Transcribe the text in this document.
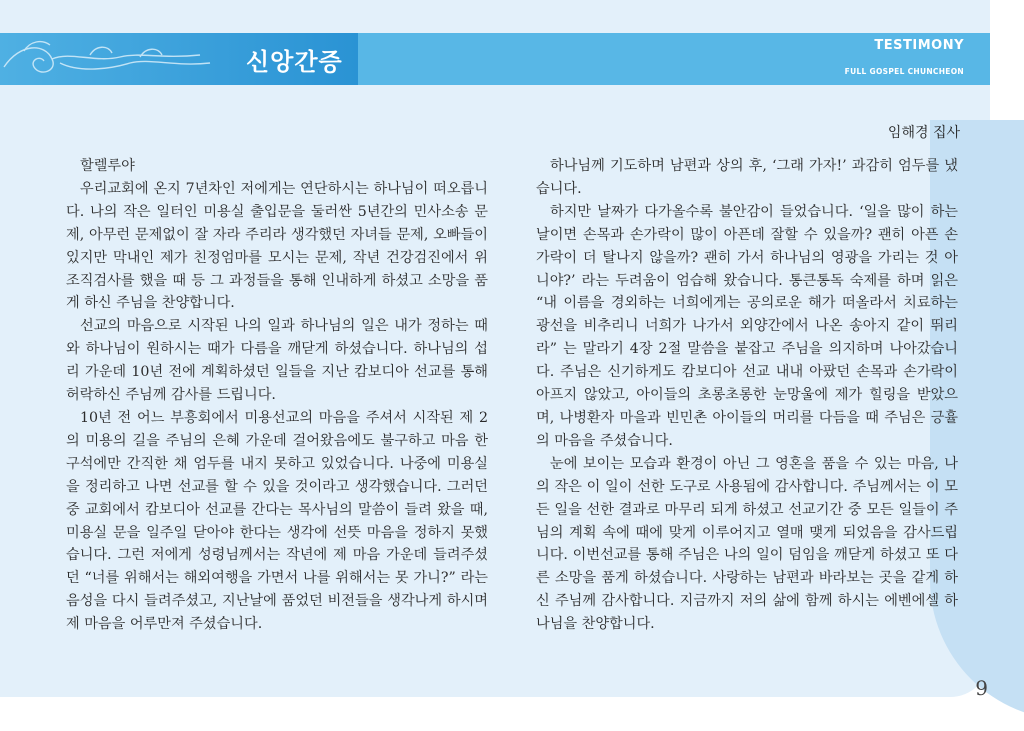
신앙간증
TESTIMONY
FULL GOSPEL CHUNCHEON
임해경 집사

할렐루야

우리교회에 온지 7년차인 저에게는 연단하시는 하나님이 떠오릅니다. 나의 작은 일터인 미용실 출입문을 둘러싼 5년간의 민사소송 문제, 아무런 문제없이 잘 자라 주리라 생각했던 자녀들 문제, 오빠들이 있지만 막내인 제가 친정엄마를 모시는 문제, 작년 건강검진에서 위 조직검사를 했을 때 등 그 과정들을 통해 인내하게 하셨고 소망을 품게 하신 주님을 찬양합니다.

선교의 마음으로 시작된 나의 일과 하나님의 일은 내가 정하는 때와 하나님이 원하시는 때가 다름을 깨닫게 하셨습니다. 하나님의 섭리 가운데 10년 전에 계획하셨던 일들을 지난 캄보디아 선교를 통해 허락하신 주님께 감사를 드립니다.

10년 전 어느 부흥회에서 미용선교의 마음을 주셔서 시작된 제 2의 미용의 길을 주님의 은혜 가운데 걸어왔음에도 불구하고 마음 한 구석에만 간직한 채 엄두를 내지 못하고 있었습니다. 나중에 미용실을 정리하고 나면 선교를 할 수 있을 것이라고 생각했습니다. 그러던 중 교회에서 캄보디아 선교를 간다는 목사님의 말씀이 들려 왔을 때, 미용실 문을 일주일 닫아야 한다는 생각에 선뜻 마음을 정하지 못했습니다. 그런 저에게 성령님께서는 작년에 제 마음 가운데 들려주셨던 “너를 위해서는 해외여행을 가면서 나를 위해서는 못 가니?” 라는 음성을 다시 들려주셨고, 지난날에 품었던 비전들을 생각나게 하시며 제 마음을 어루만져 주셨습니다.

하나님께 기도하며 남편과 상의 후, ‘그래 가자!’ 과감히 엄두를 냈습니다.

하지만 날짜가 다가올수록 불안감이 들었습니다. ‘일을 많이 하는 날이면 손목과 손가락이 많이 아픈데 잘할 수 있을까? 괜히 아픈 손가락이 더 탈나지 않을까? 괜히 가서 하나님의 영광을 가리는 것 아니야?’ 라는 두려움이 엄습해 왔습니다. 통큰통독 숙제를 하며 읽은 “내 이름을 경외하는 너희에게는 공의로운 해가 떠올라서 치료하는 광선을 비추리니 너희가 나가서 외양간에서 나온 송아지 같이 뛰리라” 는 말라기 4장 2절 말씀을 붙잡고 주님을 의지하며 나아갔습니다. 주님은 신기하게도 캄보디아 선교 내내 아팠던 손목과 손가락이 아프지 않았고, 아이들의 초롱초롱한 눈망울에 제가 힐링을 받았으며, 나병환자 마을과 빈민촌 아이들의 머리를 다듬을 때 주님은 긍휼의 마음을 주셨습니다.

눈에 보이는 모습과 환경이 아닌 그 영혼을 품을 수 있는 마음, 나의 작은 이 일이 선한 도구로 사용됨에 감사합니다. 주님께서는 이 모든 일을 선한 결과로 마무리 되게 하셨고 선교기간 중 모든 일들이 주님의 계획 속에 때에 맞게 이루어지고 열매 맺게 되었음을 감사드립니다. 이번선교를 통해 주님은 나의 일이 덤임을 깨닫게 하셨고 또 다른 소망을 품게 하셨습니다. 사랑하는 남편과 바라보는 곳을 같게 하신 주님께 감사합니다. 지금까지 저의 삶에 함께 하시는 에벤에셀 하나님을 찬양합니다.

9
